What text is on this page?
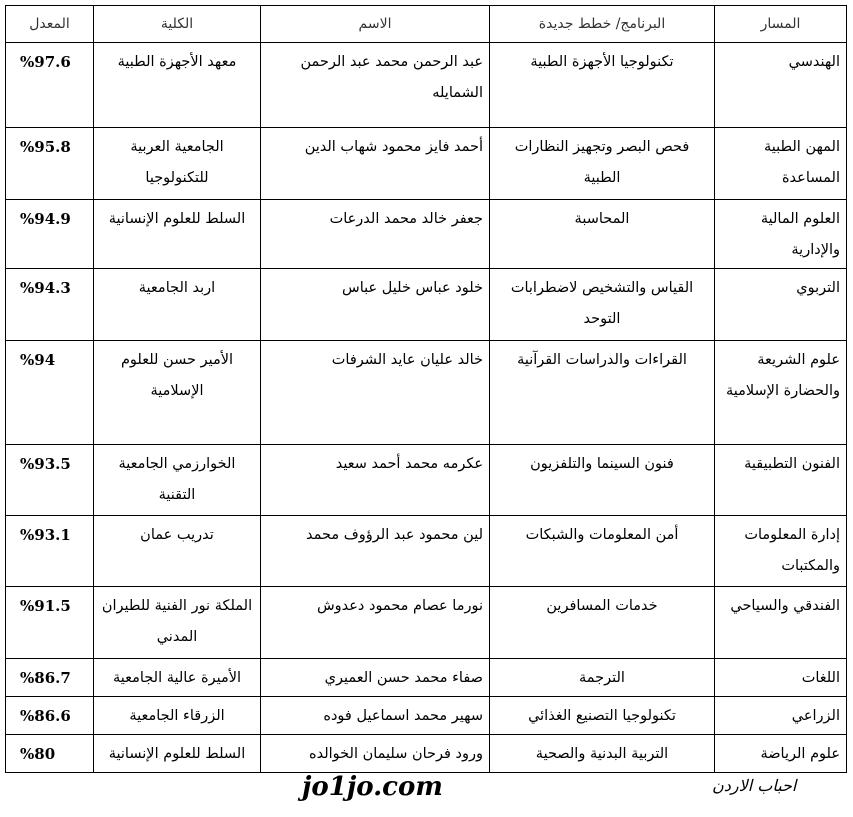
المسار	البرنامج/ خطط جديدة	الاسم	الكلية	المعدل
الهندسي	تكنولوجيا الأجهزة الطبية	عبد الرحمن محمد عبد الرحمن الشمايله	معهد الأجهزة الطبية	%97.6
المهن الطبية المساعدة	فحص البصر وتجهيز النظارات الطبية	أحمد فايز محمود شهاب الدين	الجامعية العربية للتكنولوجيا	%95.8
العلوم المالية والإدارية	المحاسبة	جعفر خالد محمد الدرعات	السلط للعلوم الإنسانية	%94.9
التربوي	القياس والتشخيص لاضطرابات التوحد	خلود عباس خليل عباس	اربد الجامعية	%94.3
علوم الشريعة والحضارة الإسلامية	القراءات والدراسات القرآنية	خالد عليان عايد الشرفات	الأمير حسن للعلوم الإسلامية	%94
الفنون التطبيقية	فنون السينما والتلفزيون	عكرمه محمد أحمد سعيد	الخوارزمي الجامعية التقنية	%93.5
إدارة المعلومات والمكتبات	أمن المعلومات والشبكات	لين محمود عبد الرؤوف محمد	تدريب عمان	%93.1
الفندقي والسياحي	خدمات المسافرين	نورما عصام محمود دعدوش	الملكة نور الفنية للطيران المدني	%91.5
اللغات	الترجمة	صفاء محمد حسن العميري	الأميرة عالية الجامعية	%86.7
الزراعي	تكنولوجيا التصنيع الغذائي	سهير محمد اسماعيل فوده	الزرقاء الجامعية	%86.6
علوم الرياضة	التربية البدنية والصحية	ورود فرحان سليمان الخوالده	السلط للعلوم الإنسانية	%80
jo1jo.com	احباب الاردن
